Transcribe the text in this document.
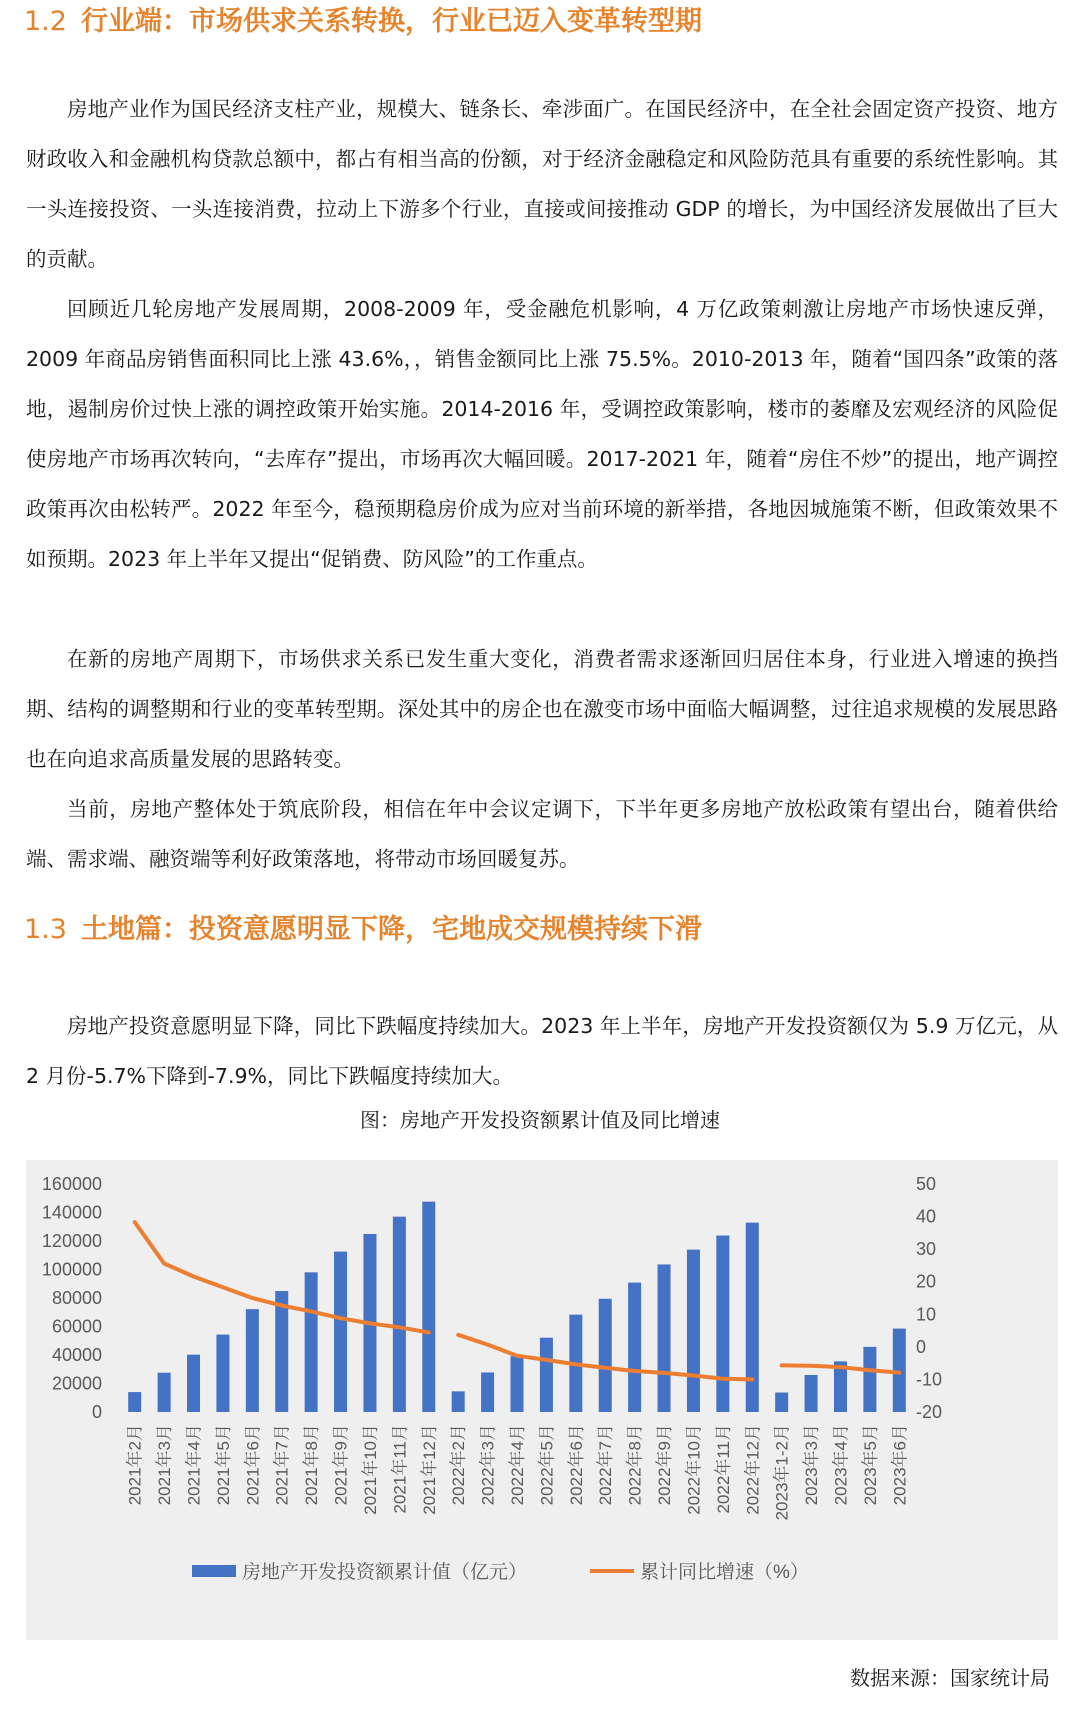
1.2 行业端：市场供求关系转换，行业已迈入变革转型期

房地产业作为国民经济支柱产业，规模大、链条长、牵涉面广。在国民经济中，在全社会固定资产投资、地方财政收入和金融机构贷款总额中，都占有相当高的份额，对于经济金融稳定和风险防范具有重要的系统性影响。其一头连接投资、一头连接消费，拉动上下游多个行业，直接或间接推动 GDP 的增长，为中国经济发展做出了巨大的贡献。

回顾近几轮房地产发展周期，2008-2009 年，受金融危机影响，4 万亿政策刺激让房地产市场快速反弹，2009 年商品房销售面积同比上涨 43.6%，，销售金额同比上涨 75.5%。2010-2013 年，随着“国四条”政策的落地，遏制房价过快上涨的调控政策开始实施。2014-2016 年，受调控政策影响，楼市的萎靡及宏观经济的风险促使房地产市场再次转向，“去库存”提出，市场再次大幅回暖。2017-2021 年，随着“房住不炒”的提出，地产调控政策再次由松转严。2022 年至今，稳预期稳房价成为应对当前环境的新举措，各地因城施策不断，但政策效果不如预期。2023 年上半年又提出“促销费、防风险”的工作重点。

在新的房地产周期下，市场供求关系已发生重大变化，消费者需求逐渐回归居住本身，行业进入增速的换挡期、结构的调整期和行业的变革转型期。深处其中的房企也在激变市场中面临大幅调整，过往追求规模的发展思路也在向追求高质量发展的思路转变。

当前，房地产整体处于筑底阶段，相信在年中会议定调下，下半年更多房地产放松政策有望出台，随着供给端、需求端、融资端等利好政策落地，将带动市场回暖复苏。

1.3 土地篇：投资意愿明显下降，宅地成交规模持续下滑

房地产投资意愿明显下降，同比下跌幅度持续加大。2023 年上半年，房地产开发投资额仅为 5.9 万亿元，从 2 月份-5.7%下降到-7.9%，同比下跌幅度持续加大。

图：房地产开发投资额累计值及同比增速
0
20000
40000
60000
80000
100000
120000
140000
160000
-20
-10
0
10
20
30
40
50
2021年2月 2021年3月 2021年4月 2021年5月 2021年6月 2021年7月 2021年8月 2021年9月 2021年10月 2021年11月 2021年12月 2022年2月 2022年3月 2022年4月 2022年5月 2022年6月 2022年7月 2022年8月 2022年9月 2022年10月 2022年11月 2022年12月 2023年1-2月 2023年3月 2023年4月 2023年5月 2023年6月
房地产开发投资额累计值（亿元）	累计同比增速（%）
数据来源：国家统计局
